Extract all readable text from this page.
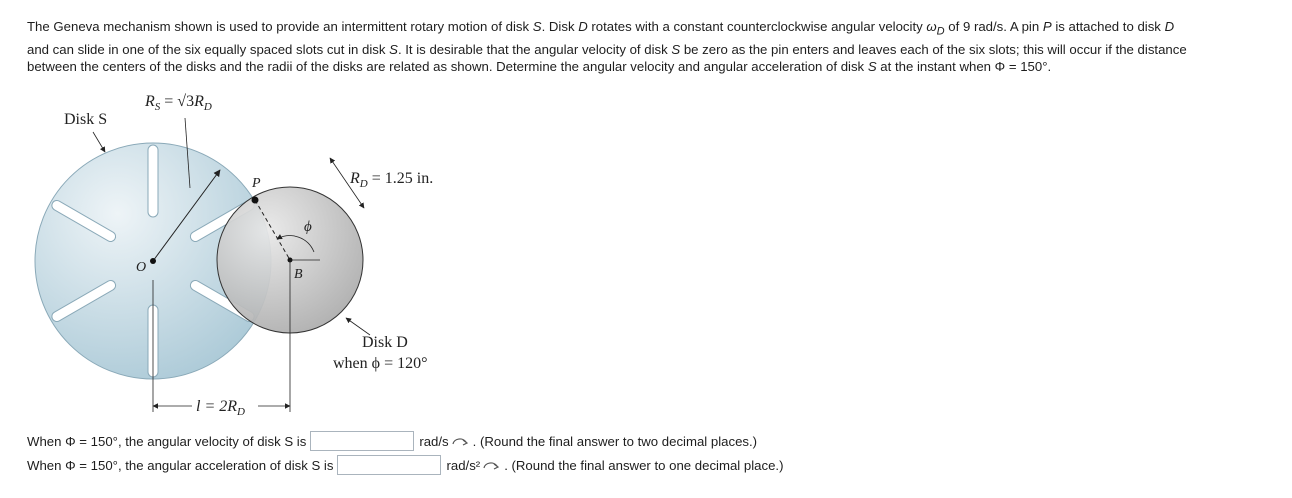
The Geneva mechanism shown is used to provide an intermittent rotary motion of disk S. Disk D rotates with a constant counterclockwise angular velocity $\omega_D$ of 9 rad/s. A pin P is attached to disk D
and can slide in one of the six equally spaced slots cut in disk S. It is desirable that the angular velocity of disk S be zero as the pin enters and leaves each of the six slots; this will occur if the distance
between the centers of the disks and the radii of the disks are related as shown. Determine the angular velocity and angular acceleration of disk S at the instant when Φ = 150°.
$R_S = √3R_D$
Disk S
$R_D = 1.25$ in.
P
ϕ
O	B
Disk D
when ϕ = 120°
$l = 2R_D$
When Φ = 150°, the angular velocity of disk S is	rad/s . (Round the final answer to two decimal places.)
When Φ = 150°, the angular acceleration of disk S is	rad/s² . (Round the final answer to one decimal place.)
